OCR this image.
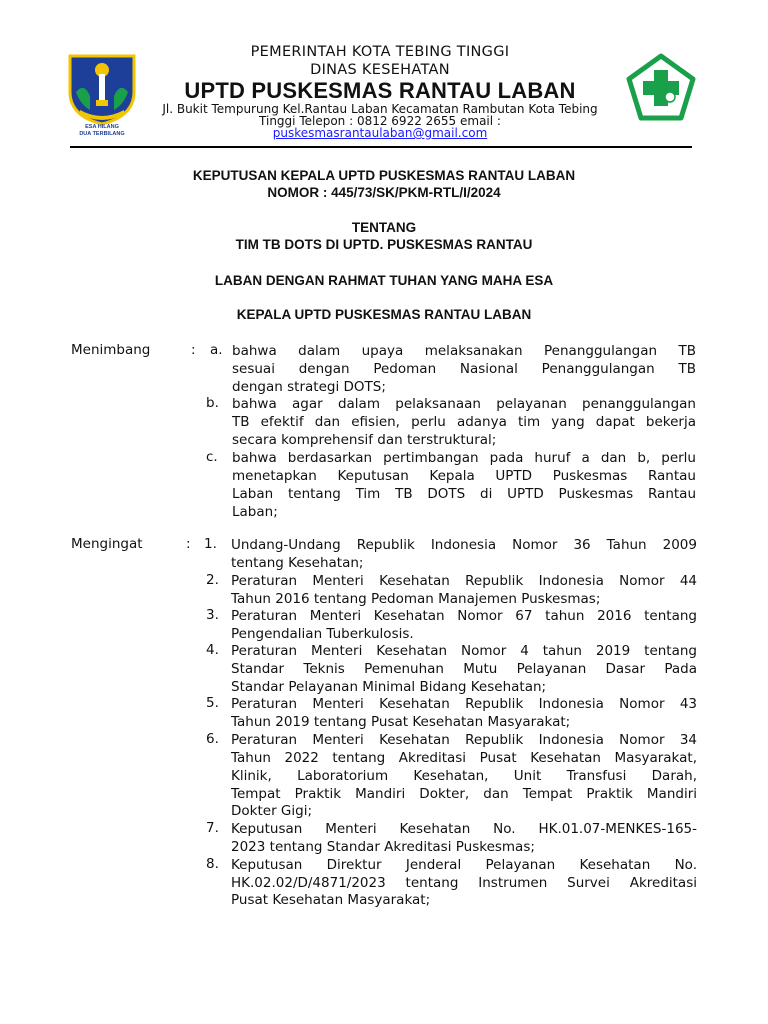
ESA HILANG
DUA TERBILANG
PEMERINTAH KOTA TEBING TINGGI
DINAS KESEHATAN
UPTD PUSKESMAS RANTAU LABAN
Jl. Bukit Tempurung Kel.Rantau Laban Kecamatan Rambutan Kota Tebing
Tinggi Telepon : 0812 6922 2655 email :
puskesmasrantaulaban@gmail.com
KEPUTUSAN KEPALA UPTD PUSKESMAS RANTAU LABAN
NOMOR : 445/73/SK/PKM-RTL/I/2024
TENTANG
TIM TB DOTS DI UPTD. PUSKESMAS RANTAU
LABAN DENGAN RAHMAT TUHAN YANG MAHA ESA
KEPALA UPTD PUSKESMAS RANTAU LABAN
Menimbang	: a. bahwa dalam upaya melaksanakan Penanggulangan TB
sesuai dengan Pedoman Nasional Penanggulangan TB
dengan strategi DOTS;
b. bahwa agar dalam pelaksanaan pelayanan penanggulangan
TB efektif dan efisien, perlu adanya tim yang dapat bekerja
secara komprehensif dan terstruktural;
c. bahwa berdasarkan pertimbangan pada huruf a dan b, perlu
menetapkan Keputusan Kepala UPTD Puskesmas Rantau
Laban tentang Tim TB DOTS di UPTD Puskesmas Rantau
Laban;
Mengingat	: 1. Undang-Undang Republik Indonesia Nomor 36 Tahun 2009
tentang Kesehatan;
2. Peraturan Menteri Kesehatan Republik Indonesia Nomor 44
Tahun 2016 tentang Pedoman Manajemen Puskesmas;
3. Peraturan Menteri Kesehatan Nomor 67 tahun 2016 tentang
Pengendalian Tuberkulosis.
4. Peraturan Menteri Kesehatan Nomor 4 tahun 2019 tentang
Standar Teknis Pemenuhan Mutu Pelayanan Dasar Pada
Standar Pelayanan Minimal Bidang Kesehatan;
5. Peraturan Menteri Kesehatan Republik Indonesia Nomor 43
Tahun 2019 tentang Pusat Kesehatan Masyarakat;
6. Peraturan Menteri Kesehatan Republik Indonesia Nomor 34
Tahun 2022 tentang Akreditasi Pusat Kesehatan Masyarakat,
Klinik, Laboratorium Kesehatan, Unit Transfusi Darah,
Tempat Praktik Mandiri Dokter, dan Tempat Praktik Mandiri
Dokter Gigi;
7. Keputusan Menteri Kesehatan No. HK.01.07-MENKES-165-
2023 tentang Standar Akreditasi Puskesmas;
8. Keputusan Direktur Jenderal Pelayanan Kesehatan No.
HK.02.02/D/4871/2023 tentang Instrumen Survei Akreditasi
Pusat Kesehatan Masyarakat;
